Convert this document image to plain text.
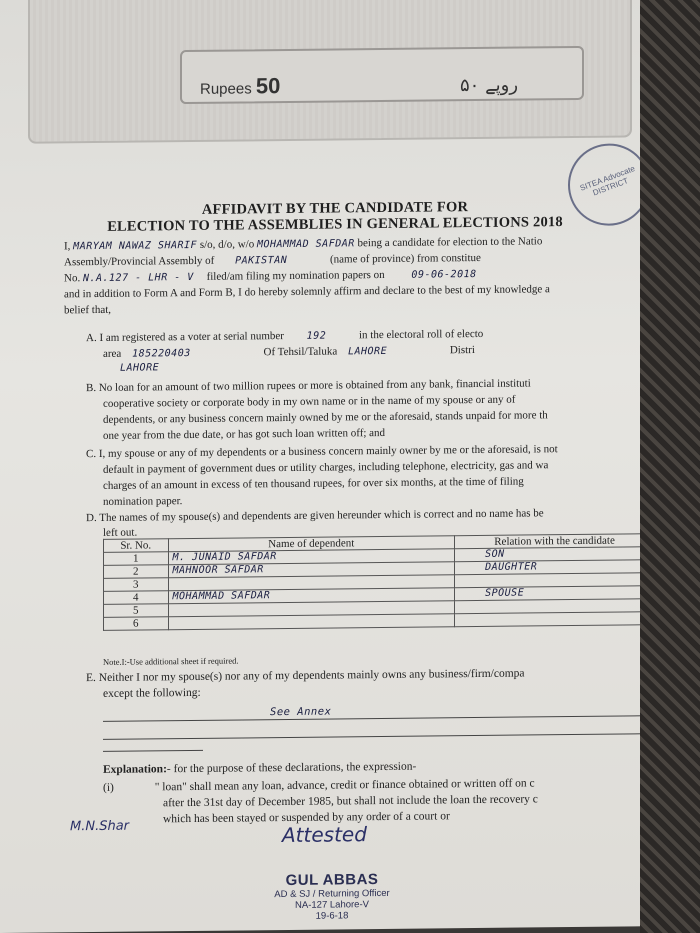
Rupees 50	روپے ۵۰
SITEA Advocate DISTRICT
AFFIDAVIT BY THE CANDIDATE FOR
ELECTION TO THE ASSEMBLIES IN GENERAL ELECTIONS 2018
I, MARYAM NAWAZ SHARIF s/o, d/o, w/o MOHAMMAD SAFDAR being a candidate for election to the Natio
Assembly/Provincial Assembly of PAKISTAN	(name of province) from constitue
No. N.A.127 - LHR - V filed/am filing my nomination papers on	09-06-2018
and in addition to Form A and Form B, I do hereby solemnly affirm and declare to the best of my knowledge a
belief that,
A. I am registered as a voter at serial number 192	in the electoral roll of electo
area 185220403	Of Tehsil/Taluka LAHORE	Distri
LAHORE
B. No loan for an amount of two million rupees or more is obtained from any bank, financial instituti
cooperative society or corporate body in my own name or in the name of my spouse or any of
dependents, or any business concern mainly owned by me or the aforesaid, stands unpaid for more th
one year from the due date, or has got such loan written off; and
C. I, my spouse or any of my dependents or a business concern mainly owner by me or the aforesaid, is not
default in payment of government dues or utility charges, including telephone, electricity, gas and wa
charges of an amount in excess of ten thousand rupees, for over six months, at the time of filing
nomination paper.
D. The names of my spouse(s) and dependents are given hereunder which is correct and no name has be
left out.
Sr. No.	Name of dependent	Relation with the candidate
1	M. JUNAID SAFDAR	SON
2	MAHNOOR SAFDAR	DAUGHTER
3		
4	MOHAMMAD SAFDAR	SPOUSE
5		
6		
Note.I:-Use additional sheet if required.
E. Neither I nor my spouse(s) nor any of my dependents mainly owns any business/firm/compa
except the following:
See Annex
Explanation:- for the purpose of these declarations, the expression-
(i)	" loan" shall mean any loan, advance, credit or finance obtained or written off on c
after the 31st day of December 1985, but shall not include the loan the recovery c
which has been stayed or suspended by any order of a court or
M.N.Shar	Attested
GUL ABBAS
AD & SJ / Returning Officer
NA-127 Lahore-V
19-6-18
